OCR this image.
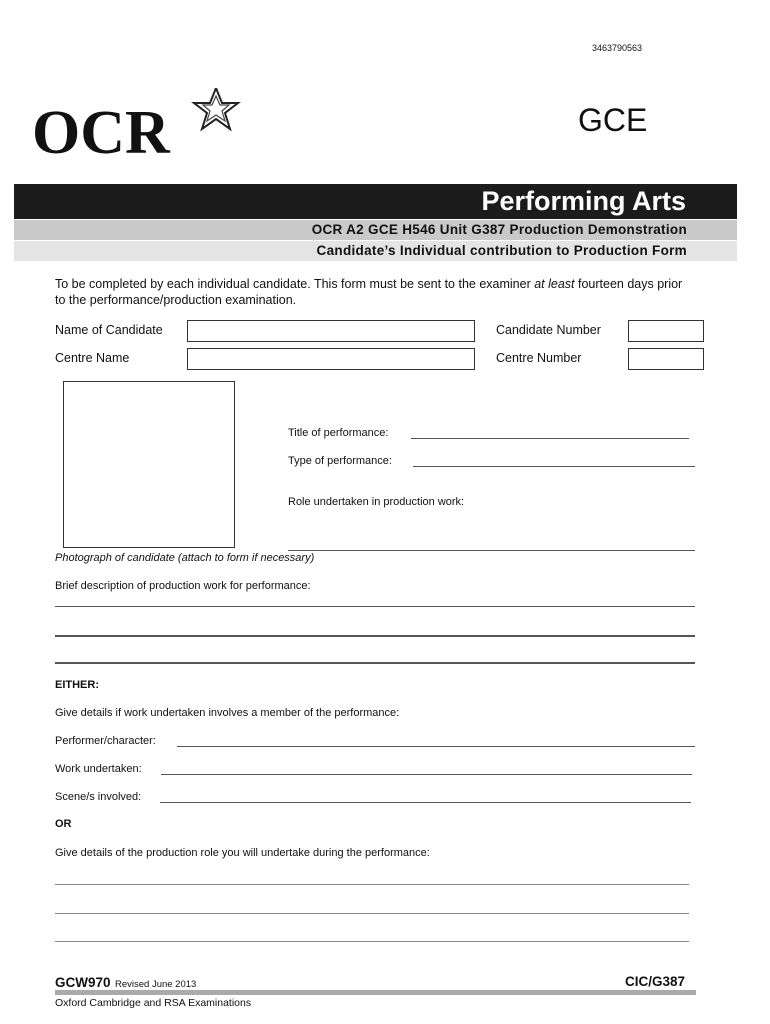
3463790563
OCR	GCE
Performing Arts
OCR A2 GCE H546 Unit G387 Production Demonstration
Candidate’s Individual contribution to Production Form
To be completed by each individual candidate. This form must be sent to the examiner at least fourteen days prior to the performance/production examination.
Name of Candidate	Candidate Number
Centre Name	Centre Number
Title of performance:
Type of performance:
Role undertaken in production work:
Photograph of candidate (attach to form if necessary)
Brief description of production work for performance:
EITHER:
Give details if work undertaken involves a member of the performance:
Performer/character:
Work undertaken:
Scene/s involved:
OR
Give details of the production role you will undertake during the performance:
GCW970 Revised June 2013	CIC/G387
Oxford Cambridge and RSA Examinations
